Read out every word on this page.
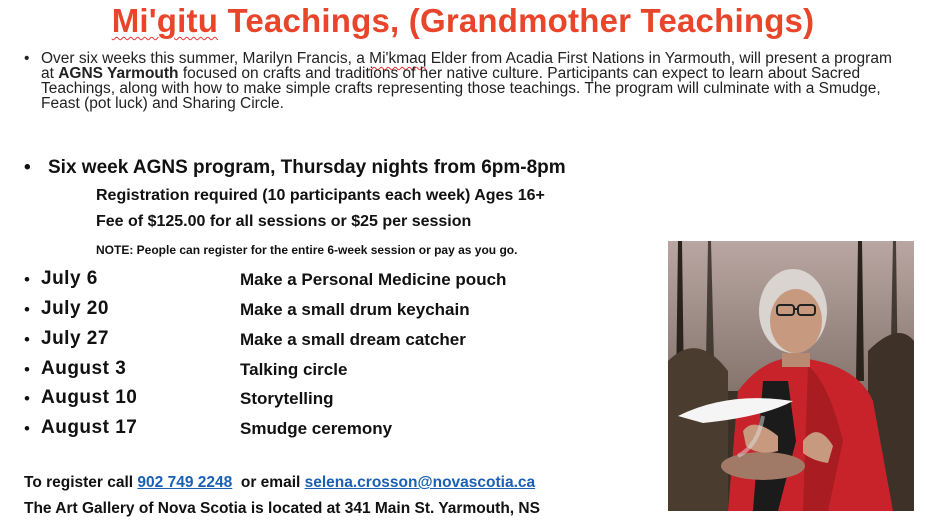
Mi'gitu Teachings, (Grandmother Teachings)
• Over six weeks this summer, Marilyn Francis, a Mi'kmaq Elder from Acadia First Nations in Yarmouth, will present a program at AGNS Yarmouth focused on crafts and traditions of her native culture. Participants can expect to learn about Sacred Teachings, along with how to make simple crafts representing those teachings. The program will culminate with a Smudge, Feast (pot luck) and Sharing Circle.
• Six week AGNS program, Thursday nights from 6pm-8pm
Registration required (10 participants each week) Ages 16+
Fee of $125.00 for all sessions or $25 per session
NOTE: People can register for the entire 6-week session or pay as you go.
• July 6	Make a Personal Medicine pouch
• July 20	Make a small drum keychain
• July 27	Make a small dream catcher
• August 3	Talking circle
• August 10	Storytelling
• August 17	Smudge ceremony
To register call 902 749 2248  or email selena.crosson@novascotia.ca
The Art Gallery of Nova Scotia is located at 341 Main St. Yarmouth, NS
